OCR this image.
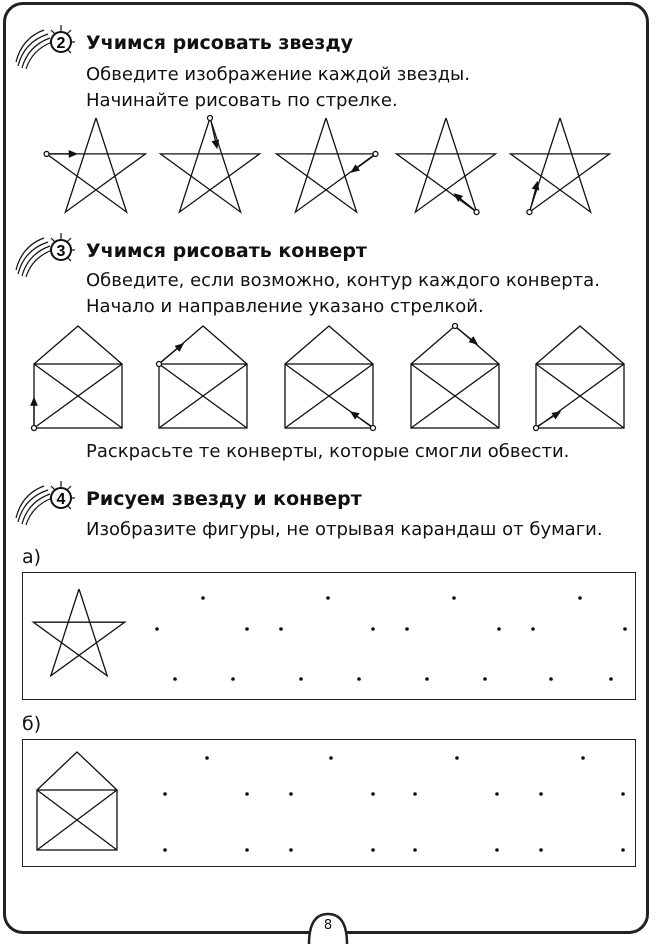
2 Учимся рисовать звезду
Обведите изображение каждой звезды.
Начинайте рисовать по стрелке.
3 Учимся рисовать конверт
Обведите, если возможно, контур каждого конверта.
Начало и направление указано стрелкой.
Раскрасьте те конверты, которые смогли обвести.
4 Рисуем звезду и конверт
Изобразите фигуры, не отрывая карандаш от бумаги.
а)
б)
8
